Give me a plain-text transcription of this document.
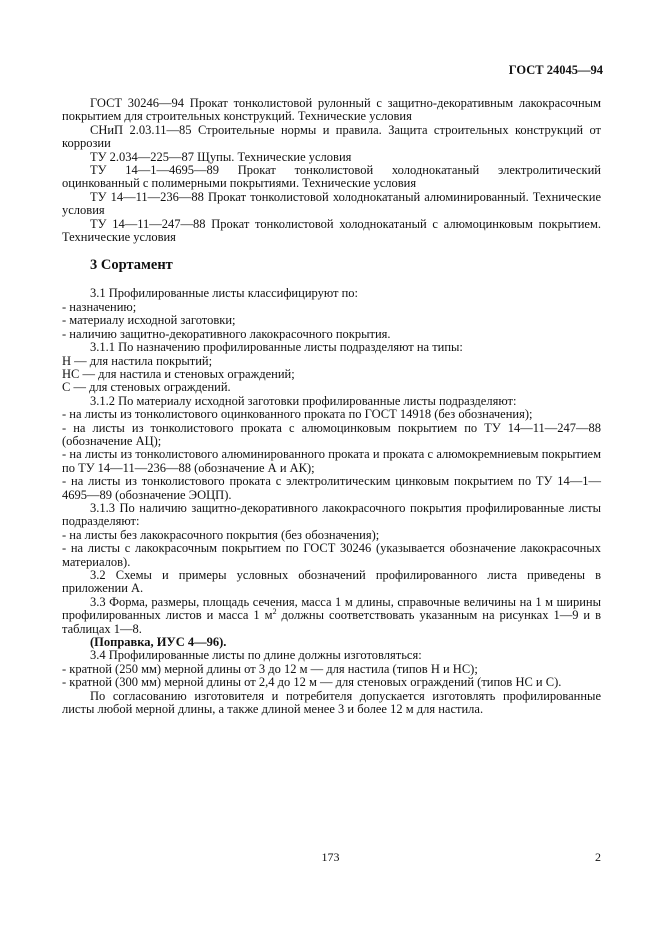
ГОСТ 24045—94

ГОСТ 30246—94 Прокат тонколистовой рулонный с защитно-декоративным лакокрасочным покрытием для строительных конструкций. Технические условия

СНиП 2.03.11—85 Строительные нормы и правила. Защита строительных конструкций от коррозии

ТУ 2.034—225—87 Щупы. Технические условия

ТУ 14—1—4695—89 Прокат тонколистовой холоднокатаный электролитический оцинкованный с полимерными покрытиями. Технические условия

ТУ 14—11—236—88 Прокат тонколистовой холоднокатаный алюминированный. Технические условия

ТУ 14—11—247—88 Прокат тонколистовой холоднокатаный с алюмоцинковым покрытием. Технические условия

3 Сортамент

3.1 Профилированные листы классифицируют по:

- назначению;

- материалу исходной заготовки;

- наличию защитно-декоративного лакокрасочного покрытия.

3.1.1 По назначению профилированные листы подразделяют на типы:

Н — для настила покрытий;

НС — для настила и стеновых ограждений;

С — для стеновых ограждений.

3.1.2 По материалу исходной заготовки профилированные листы подразделяют:

- на листы из тонколистового оцинкованного проката по ГОСТ 14918 (без обозначения);

- на листы из тонколистового проката с алюмоцинковым покрытием по ТУ 14—11—247—88 (обозначение АЦ);

- на листы из тонколистового алюминированного проката и проката с алюмокремниевым покрытием по ТУ 14—11—236—88 (обозначение А и АК);

- на листы из тонколистового проката с электролитическим цинковым покрытием по ТУ 14—1—4695—89 (обозначение ЭОЦП).

3.1.3 По наличию защитно-декоративного лакокрасочного покрытия профилированные листы подразделяют:

- на листы без лакокрасочного покрытия (без обозначения);

- на листы с лакокрасочным покрытием по ГОСТ 30246 (указывается обозначение лакокрасочных материалов).

3.2 Схемы и примеры условных обозначений профилированного листа приведены в приложении А.

3.3 Форма, размеры, площадь сечения, масса 1 м длины, справочные величины на 1 м ширины профилированных листов и масса 1 $м^2$ должны соответствовать указанным на рисунках 1—9 и в таблицах 1—8.

(Поправка, ИУС 4—96).

3.4 Профилированные листы по длине должны изготовляться:

- кратной (250 мм) мерной длины от 3 до 12 м — для настила (типов Н и НС);

- кратной (300 мм) мерной длины от 2,4 до 12 м — для стеновых ограждений (типов НС и С).

По согласованию изготовителя и потребителя допускается изготовлять профилированные листы любой мерной длины, а также длиной менее 3 и более 12 м для настила.

173	2
